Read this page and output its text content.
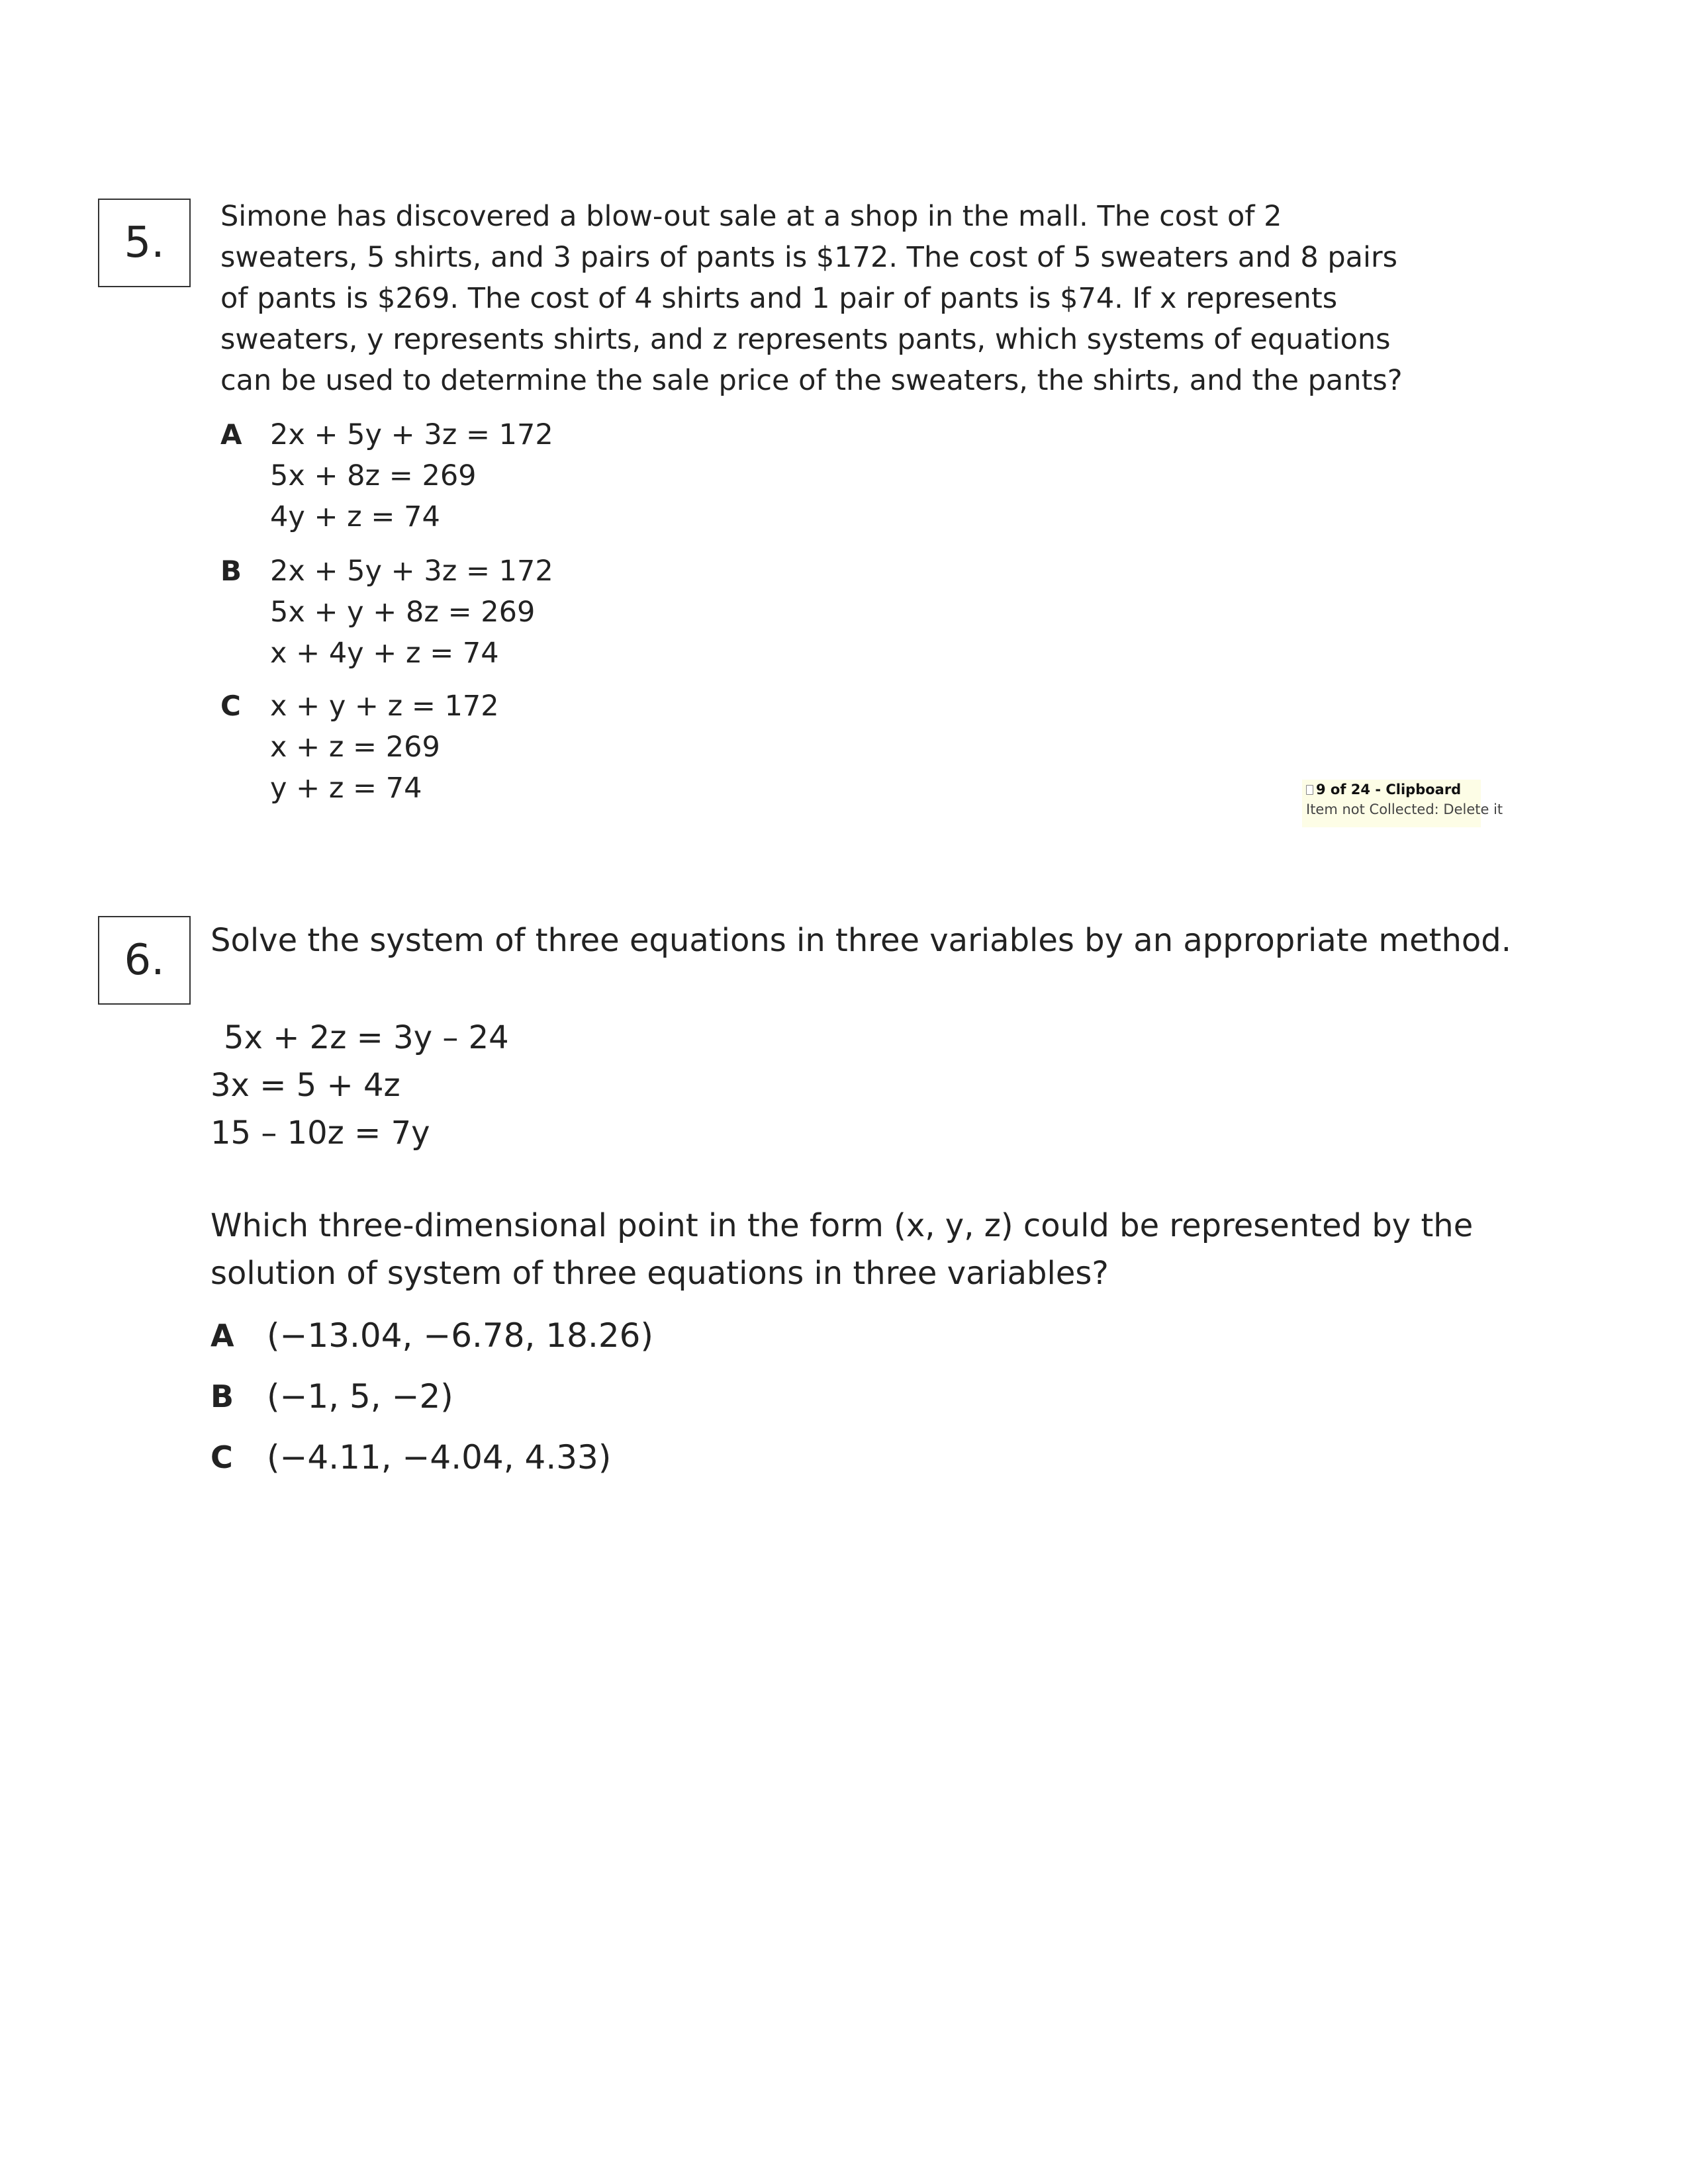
5.

Simone has discovered a blow-out sale at a shop in the mall. The cost of 2 sweaters, 5 shirts, and 3 pairs of pants is $172. The cost of 5 sweaters and 8 pairs of pants is $269. The cost of 4 shirts and 1 pair of pants is $74. If x represents sweaters, y represents shirts, and z represents pants, which systems of equations can be used to determine the sale price of the sweaters, the shirts, and the pants?

A 2x + 5y + 3z = 172
5x + 8z = 269
4y + z = 74
B 2x + 5y + 3z = 172
5x + y + 8z = 269
x + 4y + z = 74
C	x + y + z = 172
x + z = 269
y + z = 74	9 of 24 - Clipboard
Item not Collected: Delete it
6.	Solve the system of three equations in three variables by an appropriate method.
5x + 2z = 3y – 24
3x = 5 + 4z
15 – 10z = 7y

Which three-dimensional point in the form (x, y, z) could be represented by the solution of system of three equations in three variables?

A (−13.04, −6.78, 18.26)
B (−1, 5, −2)
C (−4.11, −4.04, 4.33)
